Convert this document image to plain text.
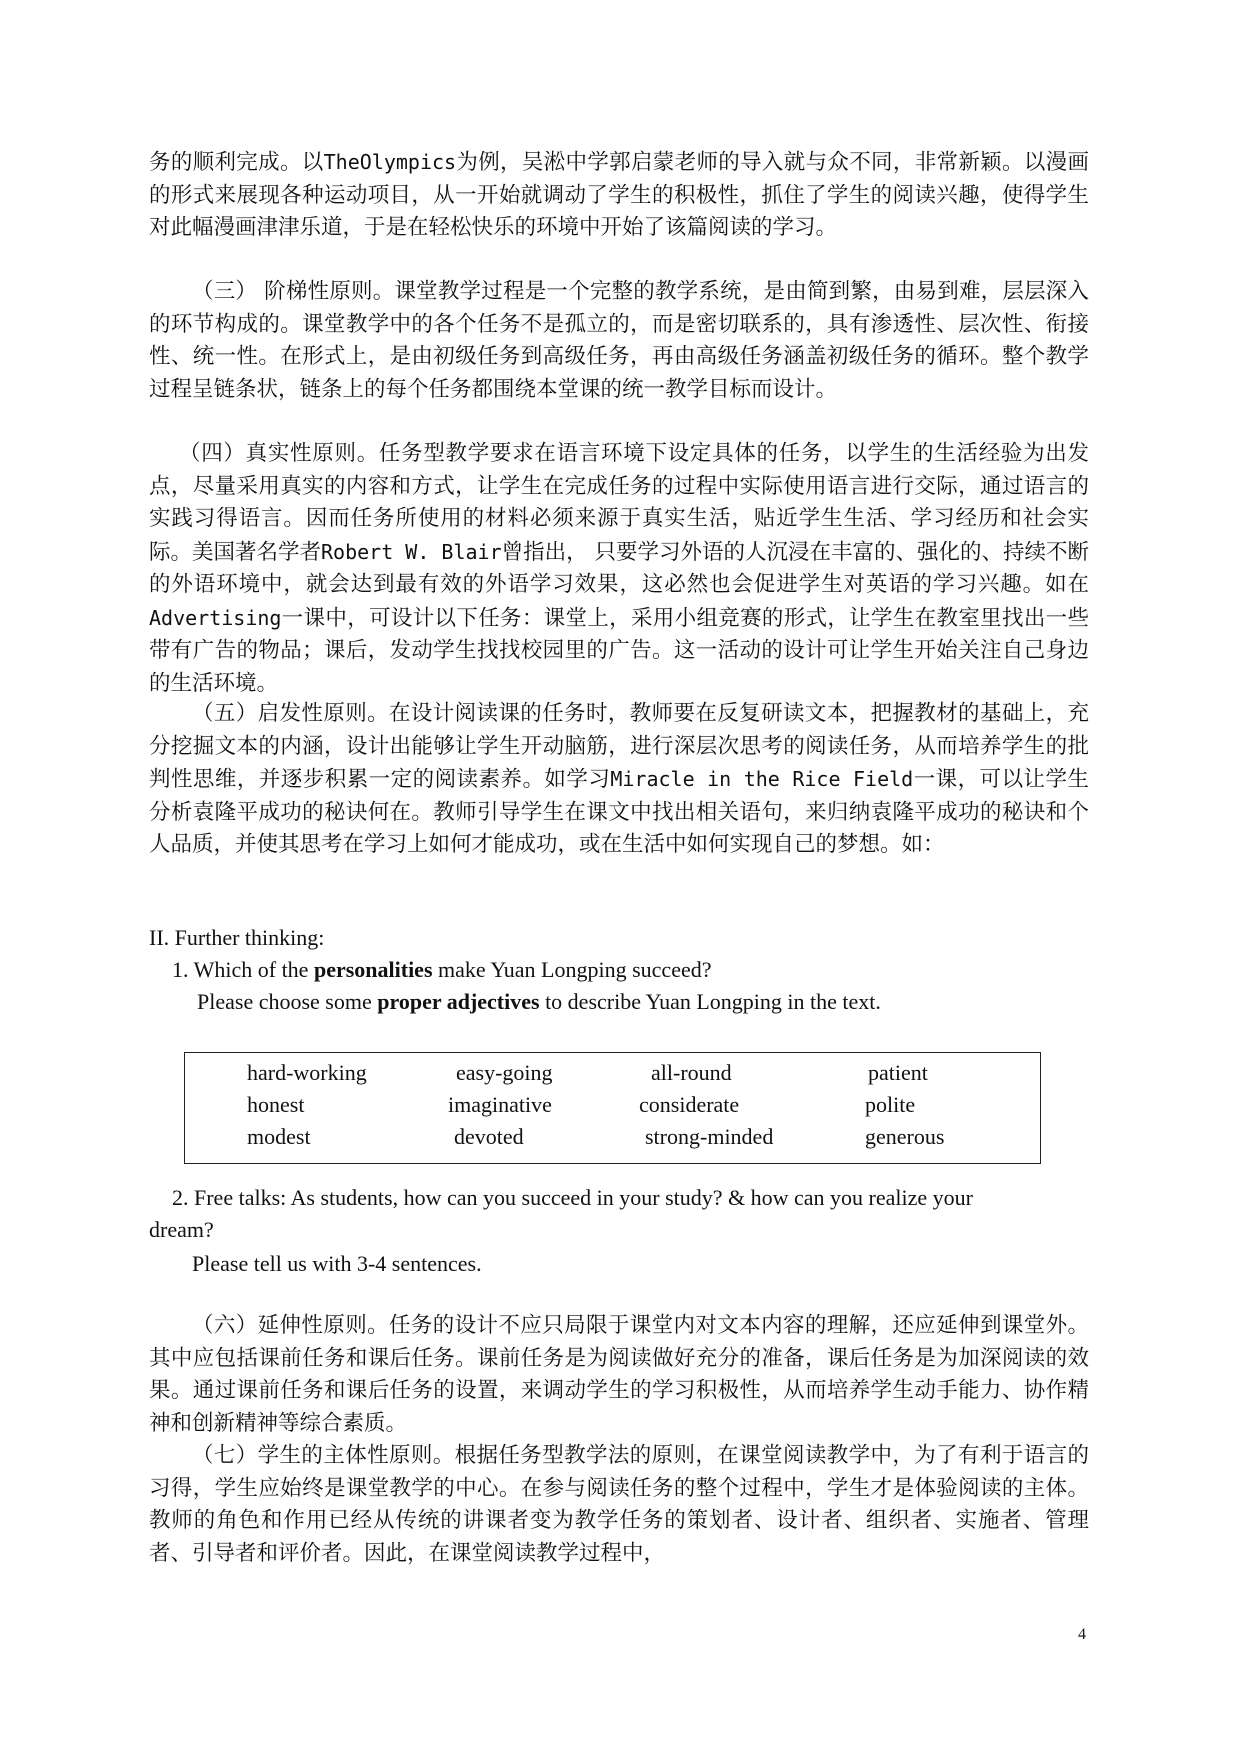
务的顺利完成。以TheOlympics为例，吴淞中学郭启蒙老师的导入就与众不同，非常新颖。以漫画的形式来展现各种运动项目，从一开始就调动了学生的积极性，抓住了学生的阅读兴趣，使得学生对此幅漫画津津乐道，于是在轻松快乐的环境中开始了该篇阅读的学习。

（三） 阶梯性原则。课堂教学过程是一个完整的教学系统，是由简到繁，由易到难，层层深入的环节构成的。课堂教学中的各个任务不是孤立的，而是密切联系的，具有渗透性、层次性、衔接性、统一性。在形式上，是由初级任务到高级任务，再由高级任务涵盖初级任务的循环。整个教学过程呈链条状，链条上的每个任务都围绕本堂课的统一教学目标而设计。

（四）真实性原则。任务型教学要求在语言环境下设定具体的任务，以学生的生活经验为出发点，尽量采用真实的内容和方式，让学生在完成任务的过程中实际使用语言进行交际，通过语言的实践习得语言。因而任务所使用的材料必须来源于真实生活，贴近学生生活、学习经历和社会实际。美国著名学者Robert W. Blair曾指出， 只要学习外语的人沉浸在丰富的、强化的、持续不断的外语环境中，就会达到最有效的外语学习效果，这必然也会促进学生对英语的学习兴趣。如在Advertising一课中，可设计以下任务：课堂上，采用小组竞赛的形式，让学生在教室里找出一些带有广告的物品；课后，发动学生找找校园里的广告。这一活动的设计可让学生开始关注自己身边的生活环境。

（五）启发性原则。在设计阅读课的任务时，教师要在反复研读文本，把握教材的基础上，充分挖掘文本的内涵，设计出能够让学生开动脑筋，进行深层次思考的阅读任务，从而培养学生的批判性思维，并逐步积累一定的阅读素养。如学习Miracle in the Rice Field一课，可以让学生分析袁隆平成功的秘诀何在。教师引导学生在课文中找出相关语句，来归纳袁隆平成功的秘诀和个人品质，并使其思考在学习上如何才能成功，或在生活中如何实现自己的梦想。如：

II. Further thinking:

1. Which of the personalities make Yuan Longping succeed?

Please choose some proper adjectives to describe Yuan Longping in the text.

hard-working	easy-going	all-round	patient
honest	imaginative	considerate	polite
modest	devoted	strong-minded	generous

2. Free talks: As students, how can you succeed in your study? & how can you realize your

dream?

Please tell us with 3-4 sentences.

（六）延伸性原则。任务的设计不应只局限于课堂内对文本内容的理解，还应延伸到课堂外。其中应包括课前任务和课后任务。课前任务是为阅读做好充分的准备，课后任务是为加深阅读的效果。通过课前任务和课后任务的设置，来调动学生的学习积极性，从而培养学生动手能力、协作精神和创新精神等综合素质。

（七）学生的主体性原则。根据任务型教学法的原则，在课堂阅读教学中，为了有利于语言的习得，学生应始终是课堂教学的中心。在参与阅读任务的整个过程中，学生才是体验阅读的主体。教师的角色和作用已经从传统的讲课者变为教学任务的策划者、设计者、组织者、实施者、管理者、引导者和评价者。因此，在课堂阅读教学过程中，

4
